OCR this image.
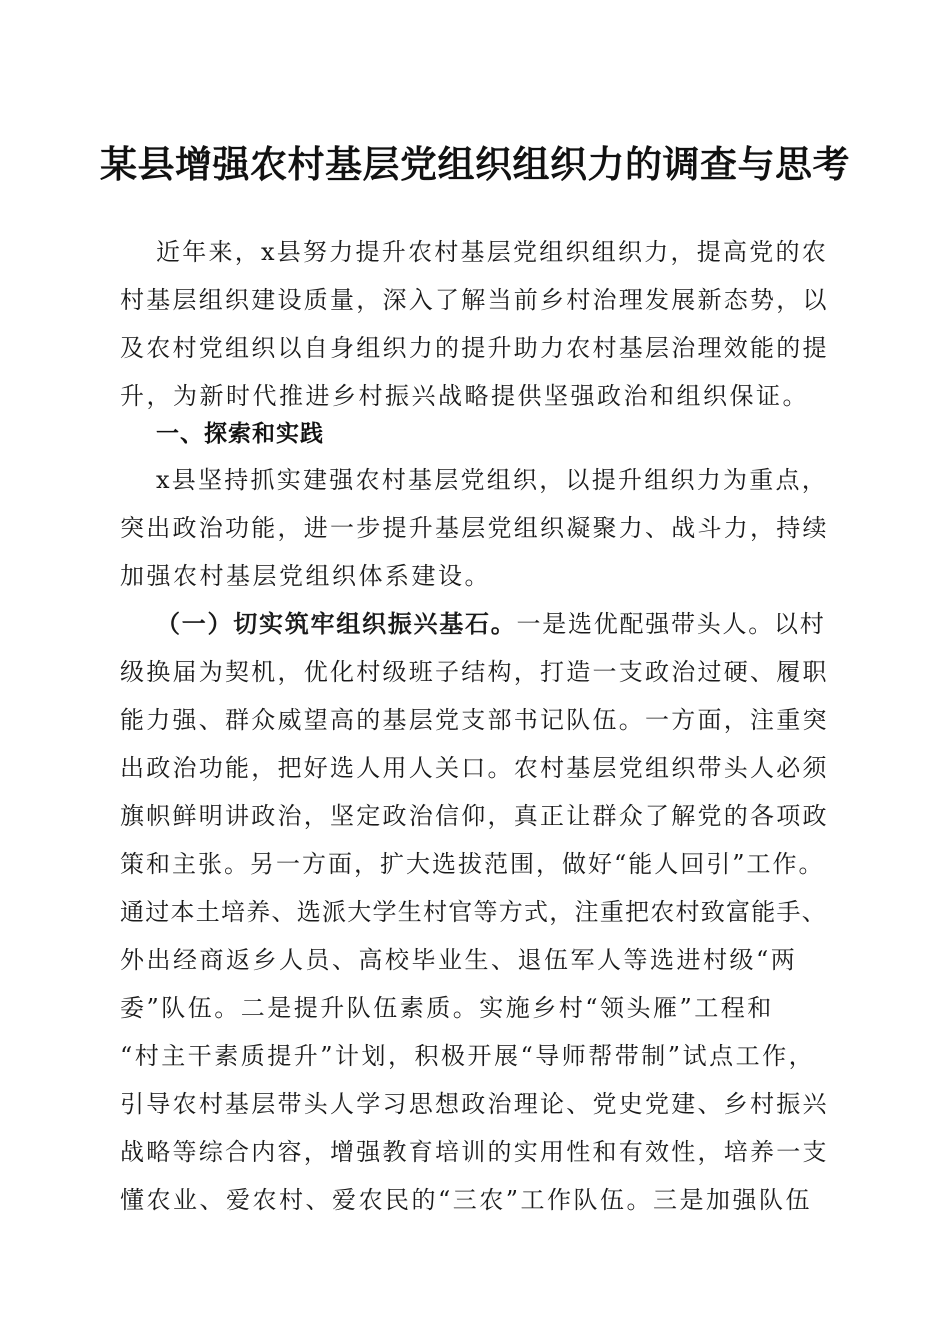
某县增强农村基层党组织组织力的调查与思考
近年来，x县努力提升农村基层党组织组织力，提高党的农
村基层组织建设质量，深入了解当前乡村治理发展新态势，以
及农村党组织以自身组织力的提升助力农村基层治理效能的提
升，为新时代推进乡村振兴战略提供坚强政治和组织保证。
一、探索和实践
x县坚持抓实建强农村基层党组织，以提升组织力为重点，
突出政治功能，进一步提升基层党组织凝聚力、战斗力，持续
加强农村基层党组织体系建设。
（一）切实筑牢组织振兴基石。一是选优配强带头人。以村
级换届为契机，优化村级班子结构，打造一支政治过硬、履职
能力强、群众威望高的基层党支部书记队伍。一方面，注重突
出政治功能，把好选人用人关口。农村基层党组织带头人必须
旗帜鲜明讲政治，坚定政治信仰，真正让群众了解党的各项政
策和主张。另一方面，扩大选拔范围，做好“能人回引”工作。
通过本土培养、选派大学生村官等方式，注重把农村致富能手、
外出经商返乡人员、高校毕业生、退伍军人等选进村级“两
委”队伍。二是提升队伍素质。实施乡村“领头雁”工程和
“村主干素质提升”计划，积极开展“导师帮带制”试点工作，
引导农村基层带头人学习思想政治理论、党史党建、乡村振兴
战略等综合内容，增强教育培训的实用性和有效性，培养一支
懂农业、爱农村、爱农民的“三农”工作队伍。三是加强队伍
